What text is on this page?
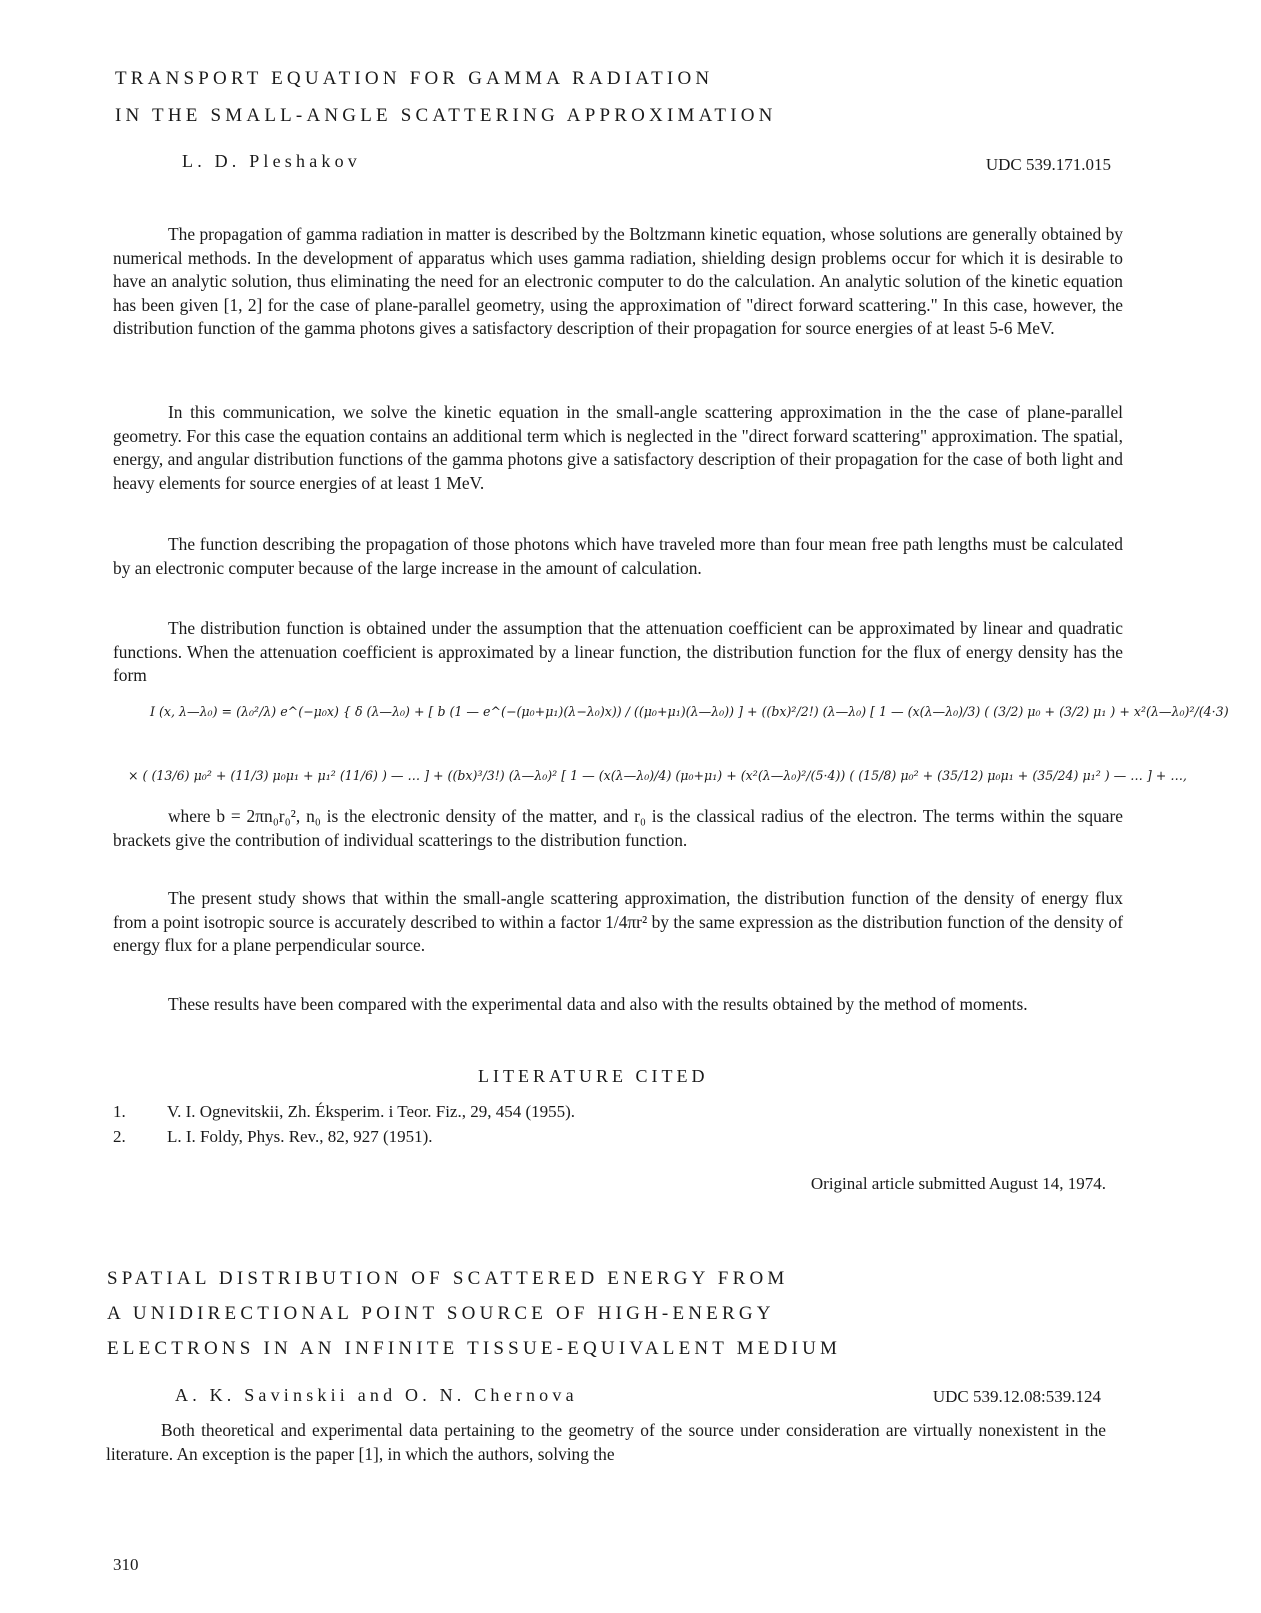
TRANSPORT EQUATION FOR GAMMA RADIATION
IN THE SMALL-ANGLE SCATTERING APPROXIMATION
L. D. Pleshakov	UDC 539.171.015

The propagation of gamma radiation in matter is described by the Boltzmann kinetic equation, whose solutions are generally obtained by numerical methods. In the development of apparatus which uses gamma radiation, shielding design problems occur for which it is desirable to have an analytic solution, thus eliminating the need for an electronic computer to do the calculation. An analytic solution of the kinetic equation has been given [1, 2] for the case of plane-parallel geometry, using the approximation of "direct forward scattering." In this case, however, the distribution function of the gamma photons gives a satisfactory description of their propagation for source energies of at least 5-6 MeV.

In this communication, we solve the kinetic equation in the small-angle scattering approximation in the the case of plane-parallel geometry. For this case the equation contains an additional term which is neglected in the "direct forward scattering" approximation. The spatial, energy, and angular distribution functions of the gamma photons give a satisfactory description of their propagation for the case of both light and heavy elements for source energies of at least 1 MeV.

The function describing the propagation of those photons which have traveled more than four mean free path lengths must be calculated by an electronic computer because of the large increase in the amount of calculation.

The distribution function is obtained under the assumption that the attenuation coefficient can be approximated by linear and quadratic functions. When the attenuation coefficient is approximated by a linear function, the distribution function for the flux of energy density has the form

I (x, λ—λ₀) = (λ₀²/λ) e^(−μ₀x) { δ (λ—λ₀) + [ b (1 — e^(−(μ₀+μ₁)(λ−λ₀)x)) / ((μ₀+μ₁)(λ—λ₀)) ] + ((bx)²/2!) (λ—λ₀) [ 1 — (x(λ—λ₀)/3) ( (3/2) μ₀ + (3/2) μ₁ ) + x²(λ—λ₀)²/(4·3)
× ( (13/6) μ₀² + (11/3) μ₀μ₁ + μ₁² (11/6) ) — … ] + ((bx)³/3!) (λ—λ₀)² [ 1 — (x(λ—λ₀)/4) (μ₀+μ₁) + (x²(λ—λ₀)²/(5·4)) ( (15/8) μ₀² + (35/12) μ₀μ₁ + (35/24) μ₁² ) — … ] + …,

where b = 2πn₀r₀², n₀ is the electronic density of the matter, and r₀ is the classical radius of the electron. The terms within the square brackets give the contribution of individual scatterings to the distribution function.

The present study shows that within the small-angle scattering approximation, the distribution function of the density of energy flux from a point isotropic source is accurately described to within a factor 1/4πr² by the same expression as the distribution function of the density of energy flux for a plane perpendicular source.

These results have been compared with the experimental data and also with the results obtained by the method of moments.

LITERATURE CITED
1. V. I. Ognevitskii, Zh. Éksperim. i Teor. Fiz., 29, 454 (1955).
2. L. I. Foldy, Phys. Rev., 82, 927 (1951).
Original article submitted August 14, 1974.
SPATIAL DISTRIBUTION OF SCATTERED ENERGY FROM
A UNIDIRECTIONAL POINT SOURCE OF HIGH-ENERGY
ELECTRONS IN AN INFINITE TISSUE-EQUIVALENT MEDIUM
A. K. Savinskii and O. N. Chernova	UDC 539.12.08:539.124

Both theoretical and experimental data pertaining to the geometry of the source under consideration are virtually nonexistent in the literature. An exception is the paper [1], in which the authors, solving the

310
